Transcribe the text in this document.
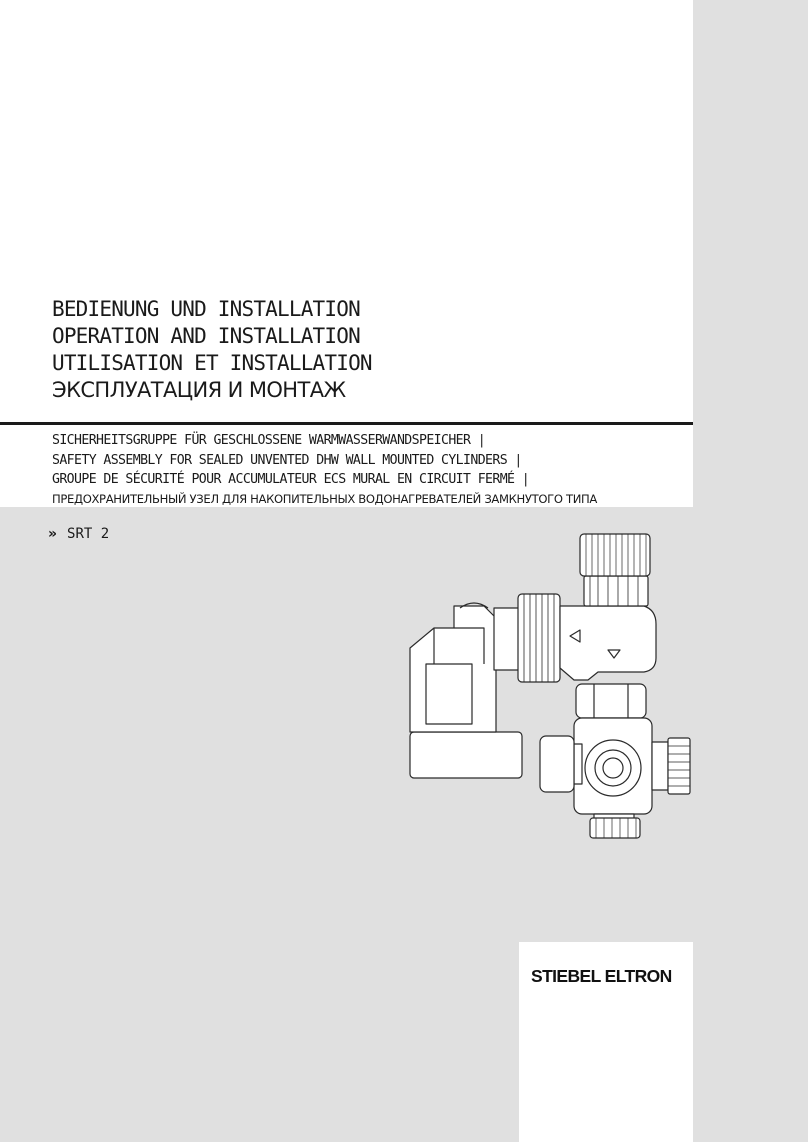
BEDIENUNG UND INSTALLATION
OPERATION AND INSTALLATION
UTILISATION ET INSTALLATION
ЭКСПЛУАТАЦИЯ И МОНТАЖ
SICHERHEITSGRUPPE FÜR GESCHLOSSENE WARMWASSERWANDSPEICHER |
SAFETY ASSEMBLY FOR SEALED UNVENTED DHW WALL MOUNTED CYLINDERS |
GROUPE DE SÉCURITÉ POUR ACCUMULATEUR ECS MURAL EN CIRCUIT FERMÉ |
ПРЕДОХРАНИТЕЛЬНЫЙ УЗЕЛ ДЛЯ НАКОПИТЕЛЬНЫХ ВОДОНАГРЕВАТЕЛЕЙ ЗАМКНУТОГО ТИПА
» SRT 2
STIEBEL ELTRON
